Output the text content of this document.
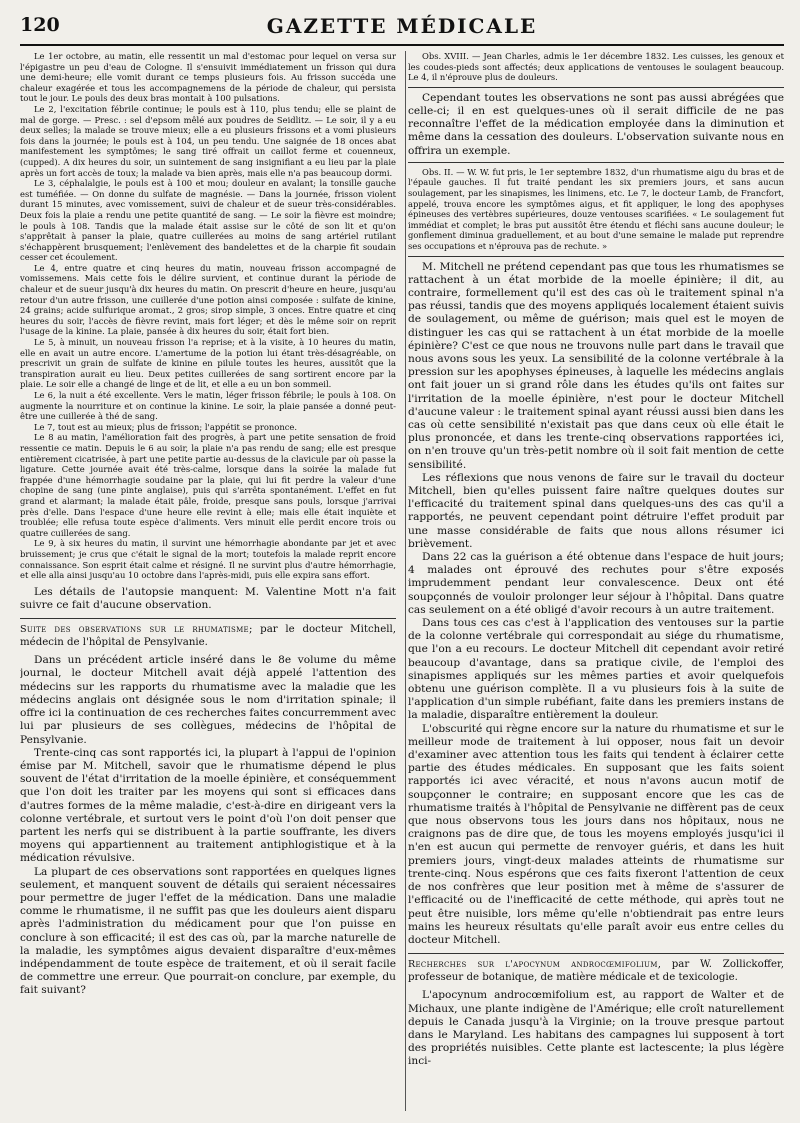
120	GAZETTE MÉDICALE

Le 1er octobre, au matin, elle ressentit un mal d'estomac pour lequel on versa sur l'épigastre un peu d'eau de Cologne. Il s'ensuivit immédiatement un frisson qui dura une demi-heure; elle vomit durant ce temps plusieurs fois. Au frisson succéda une chaleur exagérée et tous les accompagnemens de la période de chaleur, qui persista tout le jour. Le pouls des deux bras montait à 100 pulsations.

Le 2, l'excitation fébrile continue; le pouls est à 110, plus tendu; elle se plaint de mal de gorge. — Presc. : sel d'epsom mêlé aux poudres de Seidlitz. — Le soir, il y a eu deux selles; la malade se trouve mieux; elle a eu plusieurs frissons et a vomi plusieurs fois dans la journée; le pouls est à 104, un peu tendu. Une saignée de 18 onces abat manifestement les symptômes; le sang tiré offrait un caillot ferme et couenneux, (cupped). A dix heures du soir, un suintement de sang insignifiant a eu lieu par la plaie après un fort accès de toux; la malade va bien après, mais elle n'a pas beaucoup dormi.

Le 3, céphalalgie, le pouls est à 100 et mou; douleur en avalant; la tonsille gauche est tuméfiée. — On donne du sulfate de magnésie. — Dans la journée, frisson violent durant 15 minutes, avec vomissement, suivi de chaleur et de sueur très-considérables. Deux fois la plaie a rendu une petite quantité de sang. — Le soir la fièvre est moindre; le pouls à 108. Tandis que la malade était assise sur le côté de son lit et qu'on s'apprêtait à panser la plaie, quatre cuillerées au moins de sang artériel rutilant s'échappèrent brusquement; l'enlèvement des bandelettes et de la charpie fit soudain cesser cet écoulement.

Le 4, entre quatre et cinq heures du matin, nouveau frisson accompagné de vomissemens. Mais cette fois le délire survient, et continue durant la période de chaleur et de sueur jusqu'à dix heures du matin. On prescrit d'heure en heure, jusqu'au retour d'un autre frisson, une cuillerée d'une potion ainsi composée : sulfate de kinine, 24 grains; acide sulfurique aromat., 2 gros; sirop simple, 3 onces. Entre quatre et cinq heures du soir, l'accès de fièvre revint, mais fort léger; et dès le même soir on reprit l'usage de la kinine. La plaie, pansée à dix heures du soir, était fort bien.

Le 5, à minuit, un nouveau frisson l'a reprise; et à la visite, à 10 heures du matin, elle en avait un autre encore. L'amertume de la potion lui étant très-désagréable, on prescrivit un grain de sulfate de kinine en pilule toutes les heures, aussitôt que la transpiration aurait eu lieu. Deux petites cuillerées de sang sortirent encore par la plaie. Le soir elle a changé de linge et de lit, et elle a eu un bon sommeil.

Le 6, la nuit a été excellente. Vers le matin, léger frisson fébrile; le pouls à 108. On augmente la nourriture et on continue la kinine. Le soir, la plaie pansée a donné peut-être une cuillerée à thé de sang.

Le 7, tout est au mieux; plus de frisson; l'appétit se prononce.

Le 8 au matin, l'amélioration fait des progrès, à part une petite sensation de froid ressentie ce matin. Depuis le 6 au soir, la plaie n'a pas rendu de sang; elle est presque entièrement cicatrisée, à part une petite partie au-dessus de la clavicule par où passe la ligature. Cette journée avait été très-calme, lorsque dans la soirée la malade fut frappée d'une hémorrhagie soudaine par la plaie, qui lui fit perdre la valeur d'une chopine de sang (une pinte anglaise), puis qui s'arrêta spontanément. L'effet en fut grand et alarmant; la malade était pâle, froide, presque sans pouls, lorsque j'arrivai près d'elle. Dans l'espace d'une heure elle revint à elle; mais elle était inquiète et troublée; elle refusa toute espèce d'aliments. Vers minuit elle perdit encore trois ou quatre cuillerées de sang.

Le 9, à six heures du matin, il survint une hémorrhagie abondante par jet et avec bruissement; je crus que c'était le signal de la mort; toutefois la malade reprit encore connaissance. Son esprit était calme et résigné. Il ne survint plus d'autre hémorrhagie, et elle alla ainsi jusqu'au 10 octobre dans l'après-midi, puis elle expira sans effort.

Les détails de l'autopsie manquent: M. Valentine Mott n'a fait suivre ce fait d'aucune observation.

Suite des observations sur le rhumatisme; par le docteur Mitchell, médecin de l'hôpital de Pensylvanie.

Dans un précédent article inséré dans le 8e volume du même journal, le docteur Mitchell avait déjà appelé l'attention des médecins sur les rapports du rhumatisme avec la maladie que les médecins anglais ont désignée sous le nom d'irritation spinale; il offre ici la continuation de ces recherches faites concurremment avec lui par plusieurs de ses collègues, médecins de l'hôpital de Pensylvanie.

Trente-cinq cas sont rapportés ici, la plupart à l'appui de l'opinion émise par M. Mitchell, savoir que le rhumatisme dépend le plus souvent de l'état d'irritation de la moelle épinière, et conséquemment que l'on doit les traiter par les moyens qui sont si efficaces dans d'autres formes de la même maladie, c'est-à-dire en dirigeant vers la colonne vertébrale, et surtout vers le point d'où l'on doit penser que partent les nerfs qui se distribuent à la partie souffrante, les divers moyens qui appartiennent au traitement antiphlogistique et à la médication révulsive.

La plupart de ces observations sont rapportées en quelques lignes seulement, et manquent souvent de détails qui seraient nécessaires pour permettre de juger l'effet de la médication. Dans une maladie comme le rhumatisme, il ne suffit pas que les douleurs aient disparu après l'administration du médicament pour que l'on puisse en conclure à son efficacité; il est des cas où, par la marche naturelle de la maladie, les symptômes aigus devaient disparaître d'eux-mêmes indépendamment de toute espèce de traitement, et où il serait facile de commettre une erreur. Que pourrait-on conclure, par exemple, du fait suivant?

Obs. XVIII. — Jean Charles, admis le 1er décembre 1832. Les cuisses, les genoux et les coudes-pieds sont affectés; deux applications de ventouses le soulagent beaucoup. Le 4, il n'éprouve plus de douleurs.

Cependant toutes les observations ne sont pas aussi abrégées que celle-ci; il en est quelques-unes où il serait difficile de ne pas reconnaître l'effet de la médication employée dans la diminution et même dans la cessation des douleurs. L'observation suivante nous en offrira un exemple.

Obs. II. — W. W. fut pris, le 1er septembre 1832, d'un rhumatisme aigu du bras et de l'épaule gauches. Il fut traité pendant les six premiers jours, et sans aucun soulagement, par les sinapismes, les linimens, etc. Le 7, le docteur Lamb, de Francfort, appelé, trouva encore les symptômes aigus, et fit appliquer, le long des apophyses épineuses des vertèbres supérieures, douze ventouses scarifiées. « Le soulagement fut immédiat et complet; le bras put aussitôt être étendu et fléchi sans aucune douleur; le gonflement diminua graduellement, et au bout d'une semaine le malade put reprendre ses occupations et n'éprouva pas de rechute. »

M. Mitchell ne prétend cependant pas que tous les rhumatismes se rattachent à un état morbide de la moelle épinière; il dit, au contraire, formellement qu'il est des cas où le traitement spinal n'a pas réussi, tandis que des moyens appliqués localement étaient suivis de soulagement, ou même de guérison; mais quel est le moyen de distinguer les cas qui se rattachent à un état morbide de la moelle épinière? C'est ce que nous ne trouvons nulle part dans le travail que nous avons sous les yeux. La sensibilité de la colonne vertébrale à la pression sur les apophyses épineuses, à laquelle les médecins anglais ont fait jouer un si grand rôle dans les études qu'ils ont faites sur l'irritation de la moelle épinière, n'est pour le docteur Mitchell d'aucune valeur : le traitement spinal ayant réussi aussi bien dans les cas où cette sensibilité n'existait pas que dans ceux où elle était le plus prononcée, et dans les trente-cinq observations rapportées ici, on n'en trouve qu'un très-petit nombre où il soit fait mention de cette sensibilité.

Les réflexions que nous venons de faire sur le travail du docteur Mitchell, bien qu'elles puissent faire naître quelques doutes sur l'efficacité du traitement spinal dans quelques-uns des cas qu'il a rapportés, ne peuvent cependant point détruire l'effet produit par une masse considérable de faits que nous allons résumer ici brièvement.

Dans 22 cas la guérison a été obtenue dans l'espace de huit jours; 4 malades ont éprouvé des rechutes pour s'être exposés imprudemment pendant leur convalescence. Deux ont été soupçonnés de vouloir prolonger leur séjour à l'hôpital. Dans quatre cas seulement on a été obligé d'avoir recours à un autre traitement.

Dans tous ces cas c'est à l'application des ventouses sur la partie de la colonne vertébrale qui correspondait au siége du rhumatisme, que l'on a eu recours. Le docteur Mitchell dit cependant avoir retiré beaucoup d'avantage, dans sa pratique civile, de l'emploi des sinapismes appliqués sur les mêmes parties et avoir quelquefois obtenu une guérison complète. Il a vu plusieurs fois à la suite de l'application d'un simple rubéfiant, faite dans les premiers instans de la maladie, disparaître entièrement la douleur.

L'obscurité qui règne encore sur la nature du rhumatisme et sur le meilleur mode de traitement à lui opposer, nous fait un devoir d'examiner avec attention tous les faits qui tendent à éclairer cette partie des études médicales. En supposant que les faits soient rapportés ici avec véracité, et nous n'avons aucun motif de soupçonner le contraire; en supposant encore que les cas de rhumatisme traités à l'hôpital de Pensylvanie ne diffèrent pas de ceux que nous observons tous les jours dans nos hôpitaux, nous ne craignons pas de dire que, de tous les moyens employés jusqu'ici il n'en est aucun qui permette de renvoyer guéris, et dans les huit premiers jours, vingt-deux malades atteints de rhumatisme sur trente-cinq. Nous espérons que ces faits fixeront l'attention de ceux de nos confrères que leur position met à même de s'assurer de l'efficacité ou de l'inefficacité de cette méthode, qui après tout ne peut être nuisible, lors même qu'elle n'obtiendrait pas entre leurs mains les heureux résultats qu'elle paraît avoir eus entre celles du docteur Mitchell.

Recherches sur l'apocynum androcœmifolium, par W. Zollickoffer, professeur de botanique, de matière médicale et de texicologie.

L'apocynum androcœmifolium est, au rapport de Walter et de Michaux, une plante indigène de l'Amérique; elle croît naturellement depuis le Canada jusqu'à la Virginie; on la trouve presque partout dans le Maryland. Les habitans des campagnes lui supposent à tort des propriétés nuisibles. Cette plante est lactescente; la plus légère inci-
